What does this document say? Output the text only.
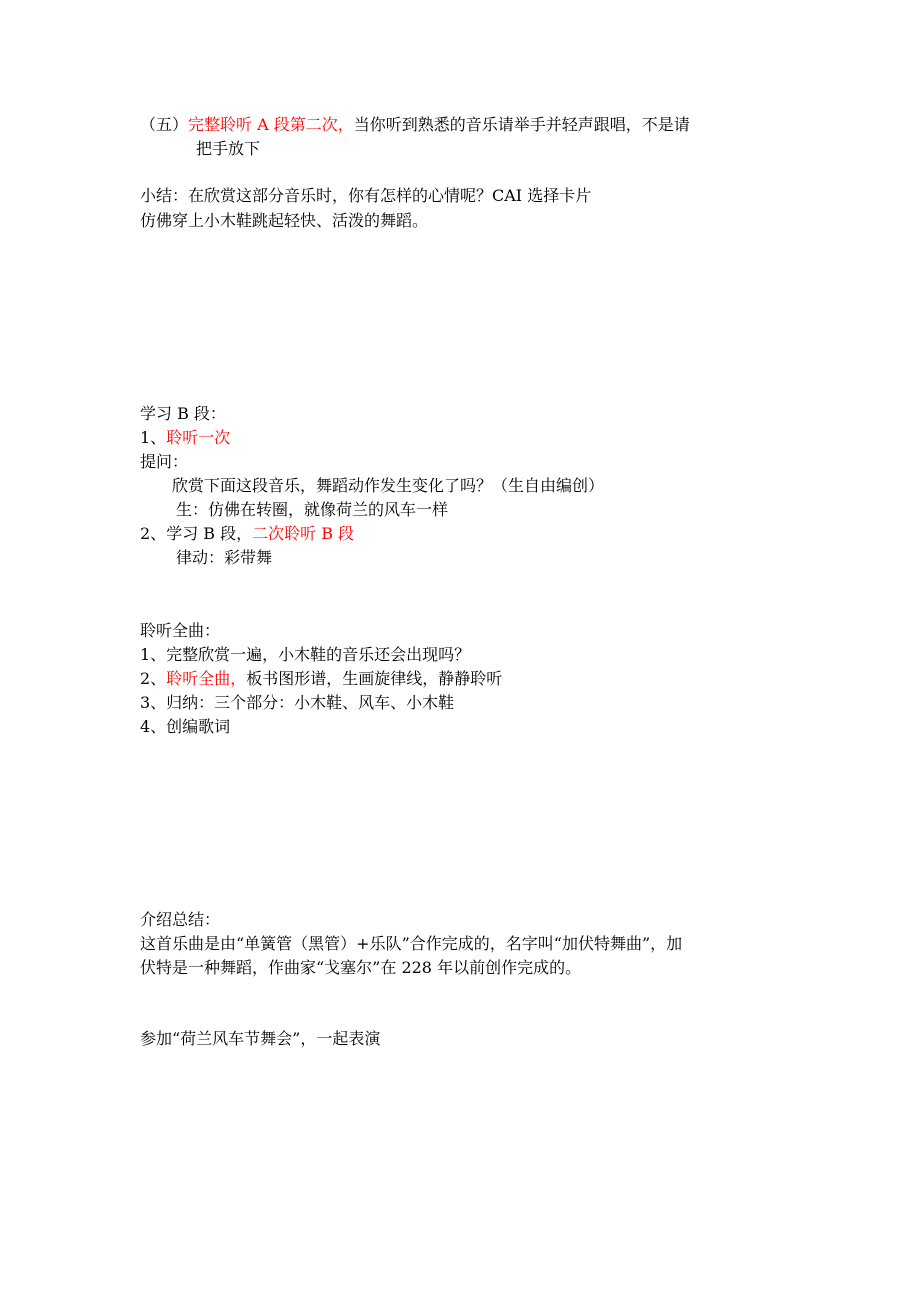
（五）完整聆听 A 段第二次，当你听到熟悉的音乐请举手并轻声跟唱，不是请
把手放下
小结：在欣赏这部分音乐时，你有怎样的心情呢？CAI 选择卡片
仿佛穿上小木鞋跳起轻快、活泼的舞蹈。
学习 B 段：
1、聆听一次
提问：
欣赏下面这段音乐，舞蹈动作发生变化了吗？（生自由编创）
生：仿佛在转圈，就像荷兰的风车一样
2、学习 B 段，二次聆听 B 段
律动：彩带舞
聆听全曲：
1、完整欣赏一遍，小木鞋的音乐还会出现吗？
2、聆听全曲，板书图形谱，生画旋律线，静静聆听
3、归纳：三个部分：小木鞋、风车、小木鞋
4、创编歌词
介绍总结：
这首乐曲是由“单簧管（黑管）+乐队”合作完成的，名字叫“加伏特舞曲”，加
伏特是一种舞蹈，作曲家“戈塞尔”在 228 年以前创作完成的。
参加“荷兰风车节舞会”，一起表演
